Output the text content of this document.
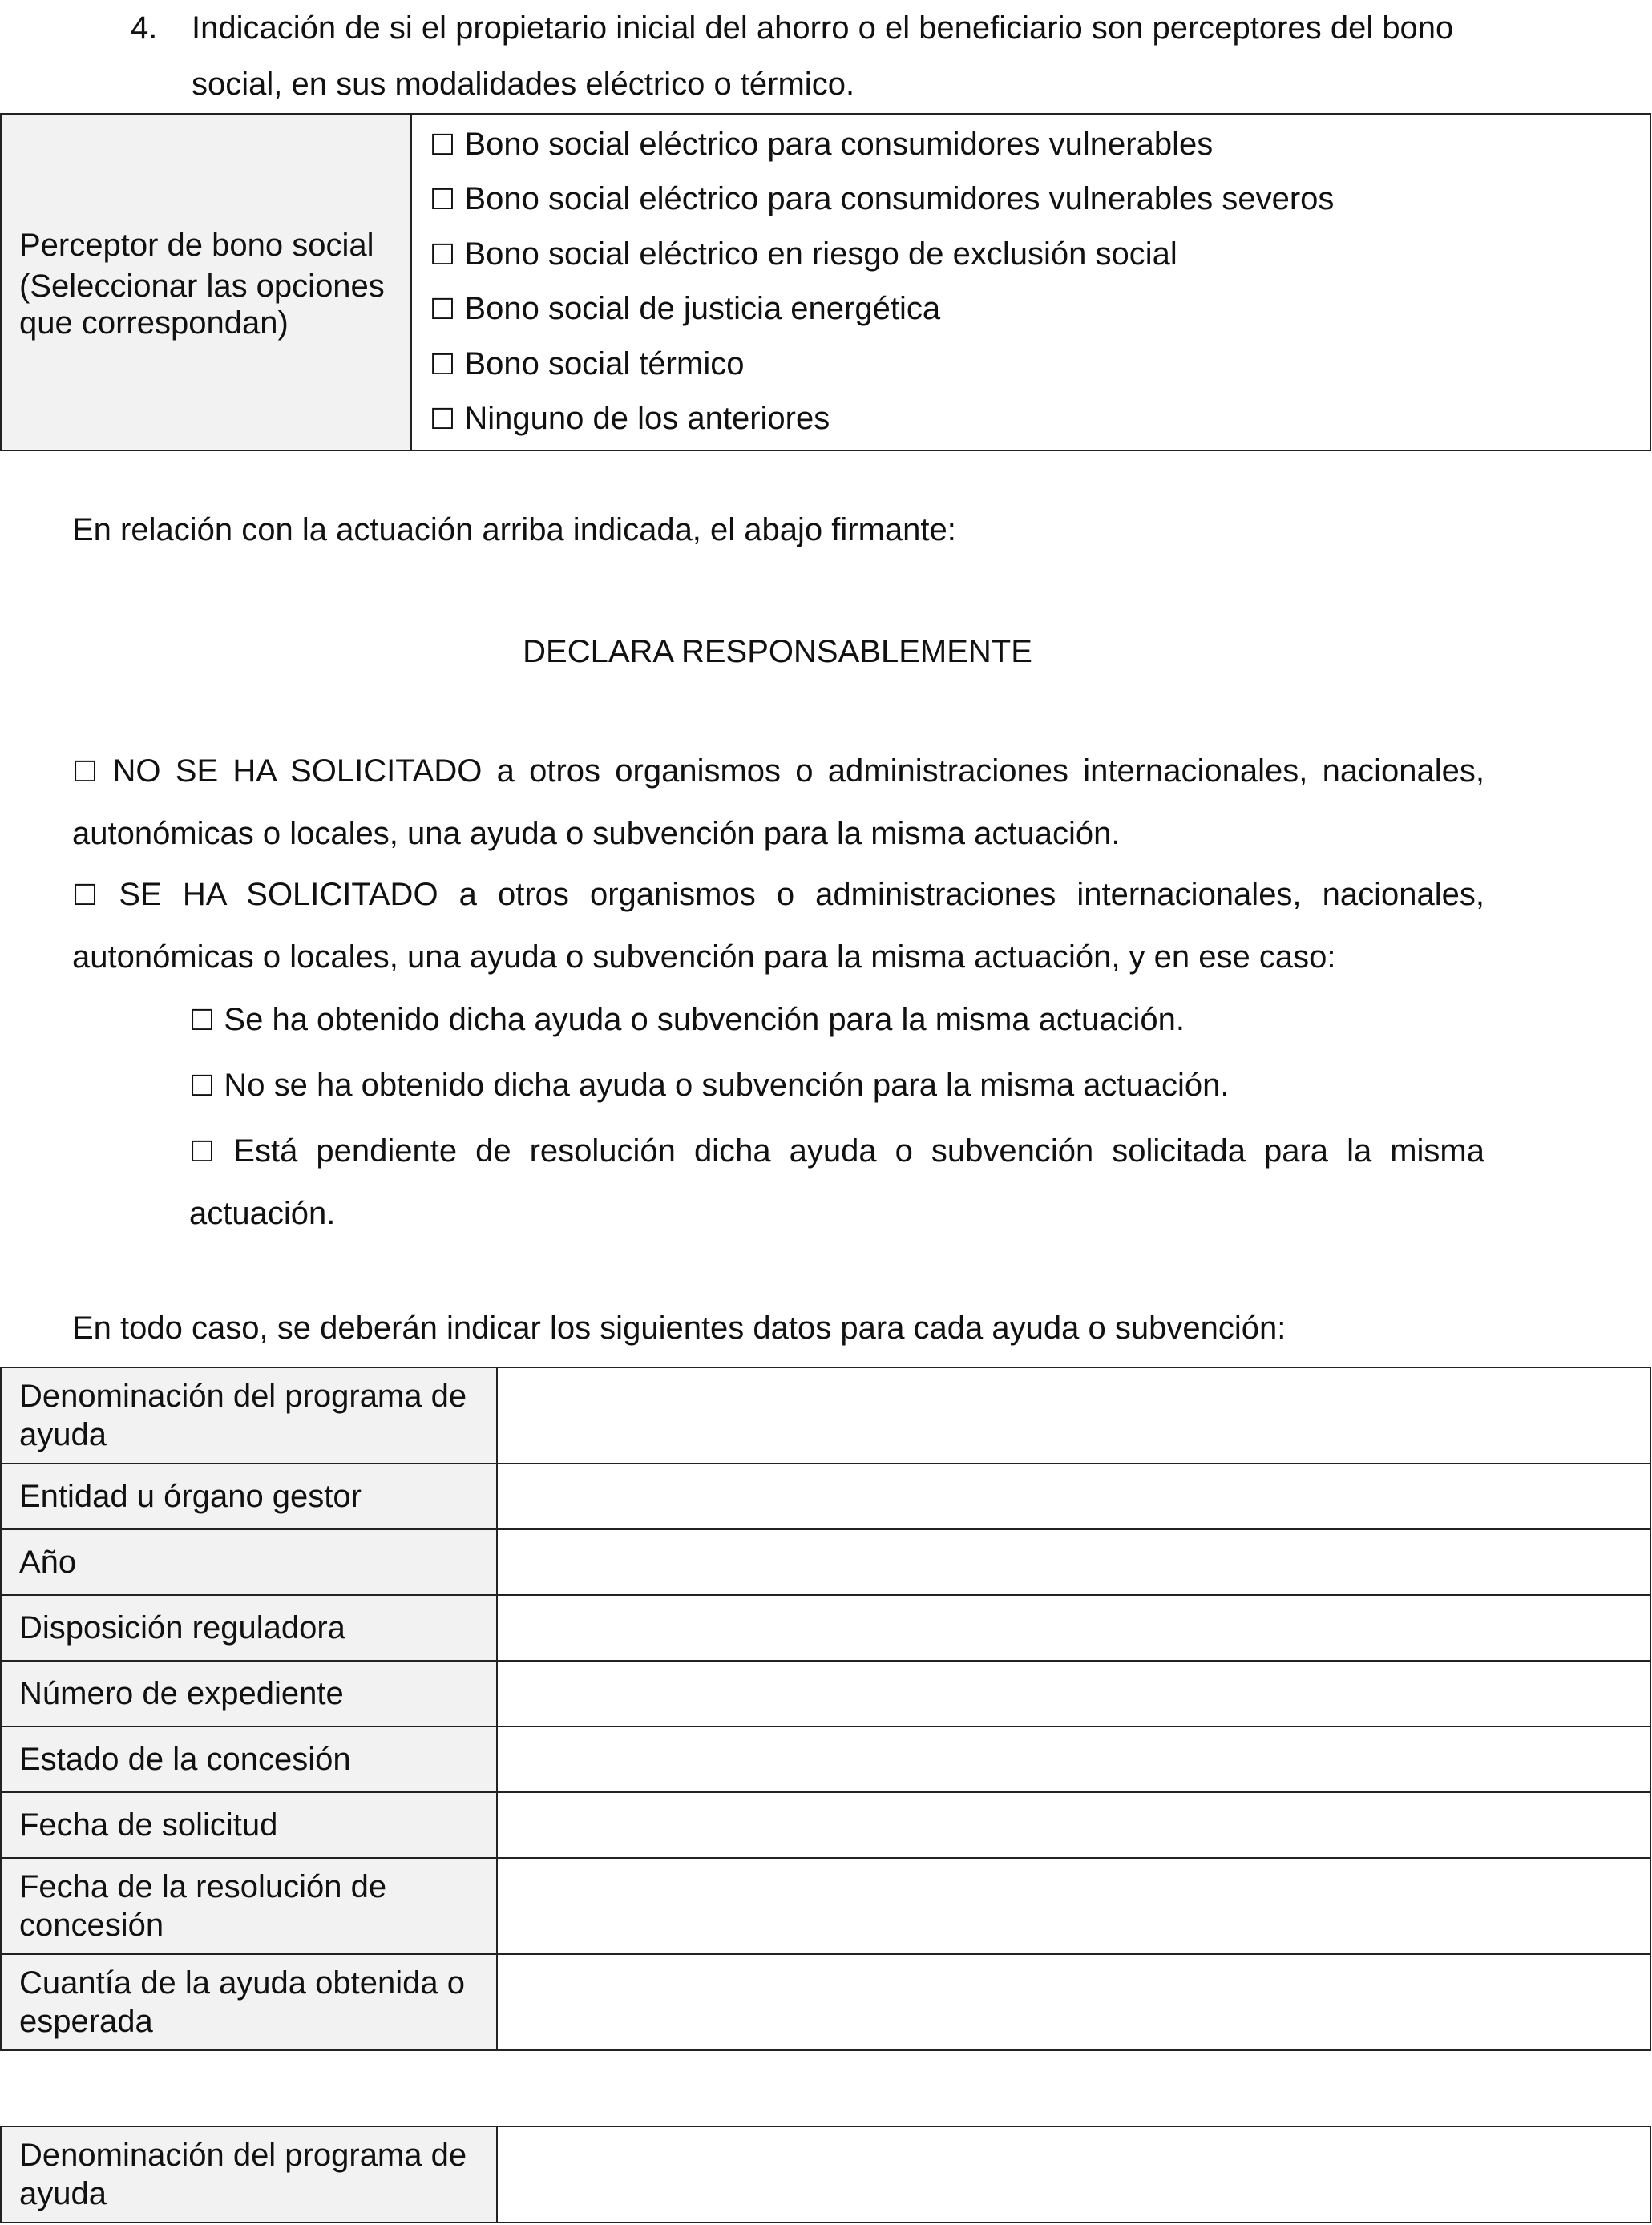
4. Indicación de si el propietario inicial del ahorro o el beneficiario son perceptores del bono social, en sus modalidades eléctrico o térmico.
Perceptor de bono social
(Seleccionar las opciones que correspondan)

☐ Bono social eléctrico para consumidores vulnerables
☐ Bono social eléctrico para consumidores vulnerables severos
☐ Bono social eléctrico en riesgo de exclusión social
☐ Bono social de justicia energética
☐ Bono social térmico
☐ Ninguno de los anteriores
En relación con la actuación arriba indicada, el abajo firmante:
DECLARA RESPONSABLEMENTE
☐ NO SE HA SOLICITADO a otros organismos o administraciones internacionales, nacionales, autonómicas o locales, una ayuda o subvención para la misma actuación.
☐ SE HA SOLICITADO a otros organismos o administraciones internacionales, nacionales, autonómicas o locales, una ayuda o subvención para la misma actuación, y en ese caso:
☐ Se ha obtenido dicha ayuda o subvención para la misma actuación.
☐ No se ha obtenido dicha ayuda o subvención para la misma actuación.
☐ Está pendiente de resolución dicha ayuda o subvención solicitada para la misma actuación.
En todo caso, se deberán indicar los siguientes datos para cada ayuda o subvención:
Denominación del programa de ayuda	
Entidad u órgano gestor	
Año	
Disposición reguladora	
Número de expediente	
Estado de la concesión	
Fecha de solicitud	
Fecha de la resolución de concesión	
Cuantía de la ayuda obtenida o esperada	
Denominación del programa de ayuda	
